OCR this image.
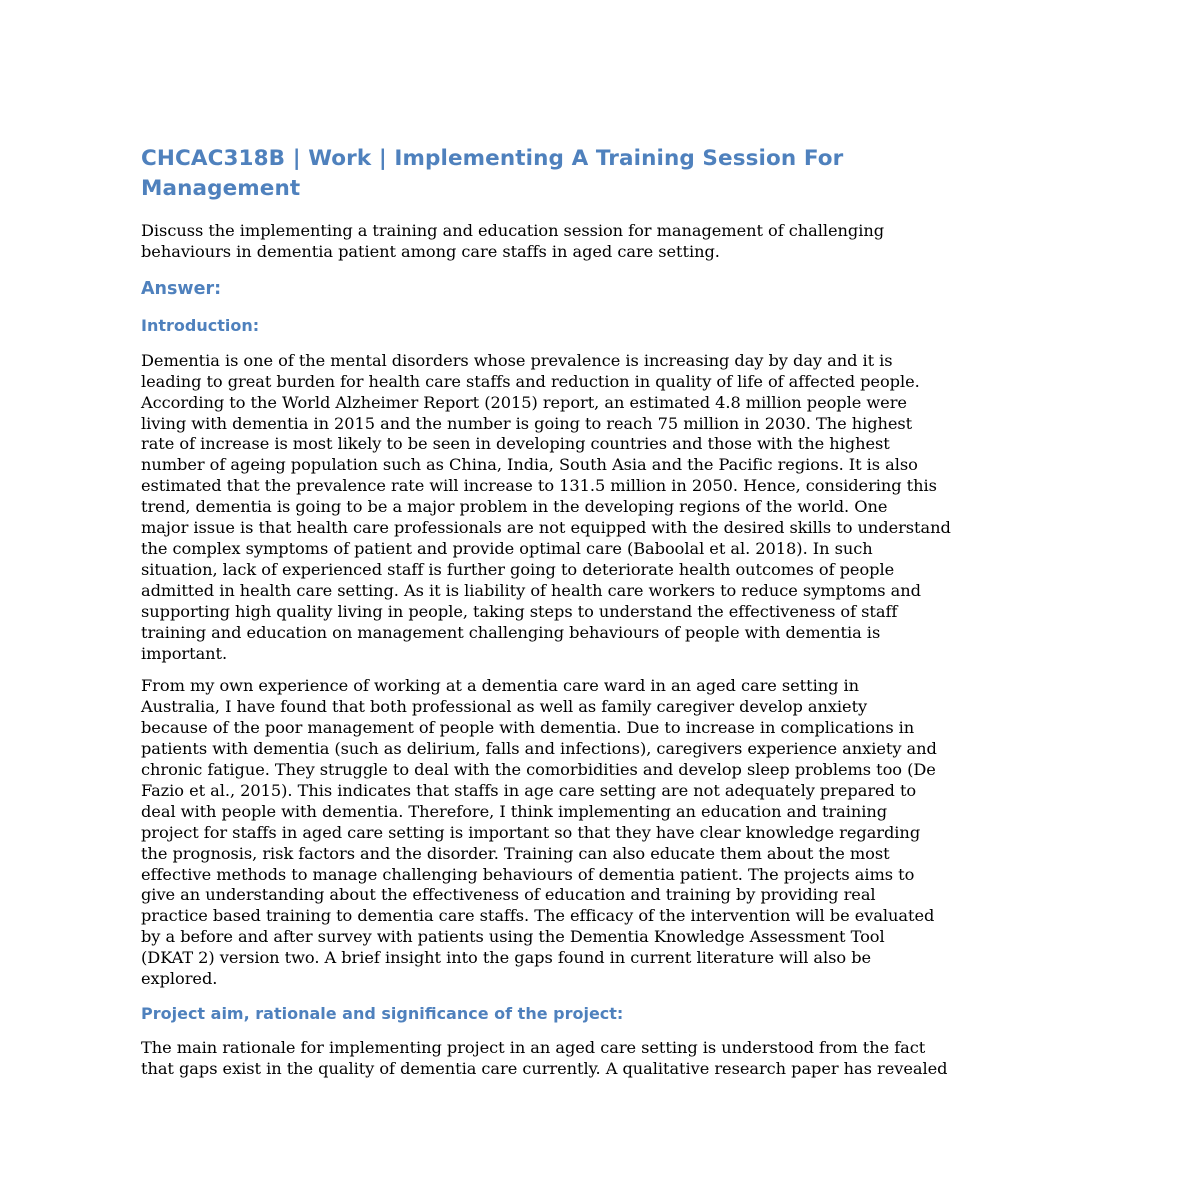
CHCAC318B | Work | Implementing A Training Session For
Management

Discuss the implementing a training and education session for management of challenging
behaviours in dementia patient among care staffs in aged care setting.

Answer:
Introduction:

Dementia is one of the mental disorders whose prevalence is increasing day by day and it is
leading to great burden for health care staffs and reduction in quality of life of affected people.
According to the World Alzheimer Report (2015) report, an estimated 4.8 million people were
living with dementia in 2015 and the number is going to reach 75 million in 2030. The highest
rate of increase is most likely to be seen in developing countries and those with the highest
number of ageing population such as China, India, South Asia and the Pacific regions. It is also
estimated that the prevalence rate will increase to 131.5 million in 2050. Hence, considering this
trend, dementia is going to be a major problem in the developing regions of the world. One
major issue is that health care professionals are not equipped with the desired skills to understand
the complex symptoms of patient and provide optimal care (Baboolal et al. 2018). In such
situation, lack of experienced staff is further going to deteriorate health outcomes of people
admitted in health care setting. As it is liability of health care workers to reduce symptoms and
supporting high quality living in people, taking steps to understand the effectiveness of staff
training and education on management challenging behaviours of people with dementia is
important.

From my own experience of working at a dementia care ward in an aged care setting in
Australia, I have found that both professional as well as family caregiver develop anxiety
because of the poor management of people with dementia. Due to increase in complications in
patients with dementia (such as delirium, falls and infections), caregivers experience anxiety and
chronic fatigue. They struggle to deal with the comorbidities and develop sleep problems too (De
Fazio et al., 2015). This indicates that staffs in age care setting are not adequately prepared to
deal with people with dementia. Therefore, I think implementing an education and training
project for staffs in aged care setting is important so that they have clear knowledge regarding
the prognosis, risk factors and the disorder. Training can also educate them about the most
effective methods to manage challenging behaviours of dementia patient. The projects aims to
give an understanding about the effectiveness of education and training by providing real
practice based training to dementia care staffs. The efficacy of the intervention will be evaluated
by a before and after survey with patients using the Dementia Knowledge Assessment Tool
(DKAT 2) version two. A brief insight into the gaps found in current literature will also be
explored.

Project aim, rationale and significance of the project:

The main rationale for implementing project in an aged care setting is understood from the fact
that gaps exist in the quality of dementia care currently. A qualitative research paper has revealed
